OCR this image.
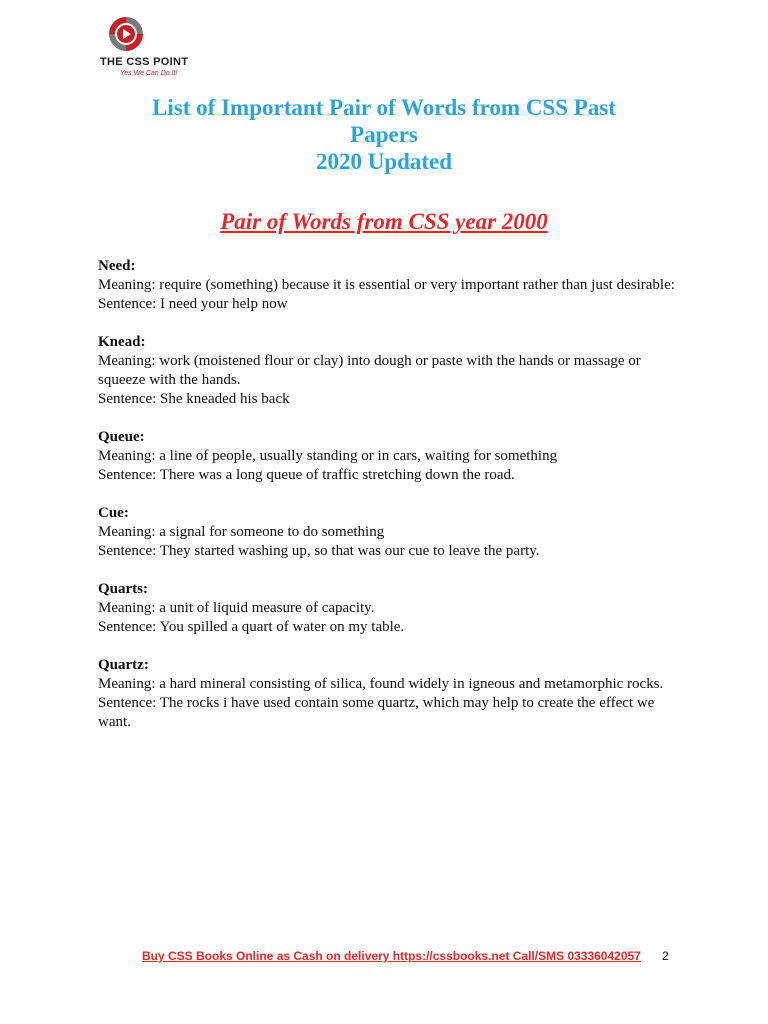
THE CSS POINT
Yes We Can Do It!
List of Important Pair of Words from CSS Past
Papers
2020 Updated
Pair of Words from CSS year 2000
Need:
Meaning: require (something) because it is essential or very important rather than just desirable:
Sentence: I need your help now
Knead:
Meaning: work (moistened flour or clay) into dough or paste with the hands or massage or squeeze with the hands.
Sentence: She kneaded his back
Queue:
Meaning: a line of people, usually standing or in cars, waiting for something
Sentence: There was a long queue of traffic stretching down the road.
Cue:
Meaning: a signal for someone to do something
Sentence: They started washing up, so that was our cue to leave the party.
Quarts:
Meaning: a unit of liquid measure of capacity.
Sentence: You spilled a quart of water on my table.
Quartz:
Meaning: a hard mineral consisting of silica, found widely in igneous and metamorphic rocks.
Sentence: The rocks i have used contain some quartz, which may help to create the effect we want.
Buy CSS Books Online as Cash on delivery https://cssbooks.net Call/SMS 03336042057 2
